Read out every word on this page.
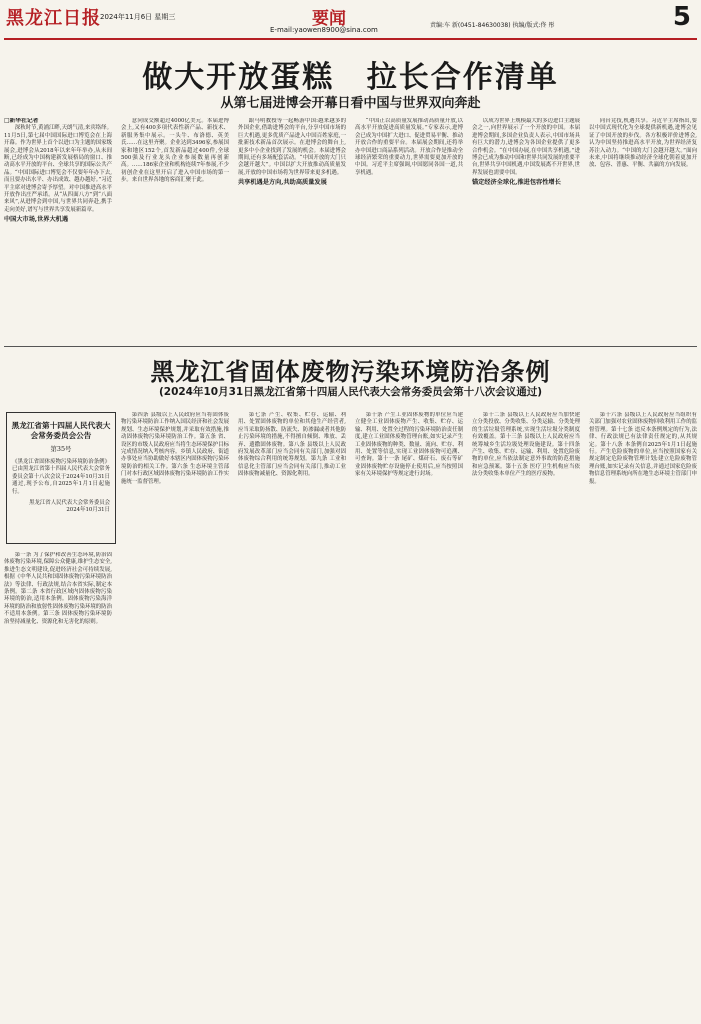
黑龙江日报 2024年11月6日 星期三	要闻
E-mail:yaowen8900@sina.com
责编:车 新(0451-84630038) 执编/版式:佟 彤	5
做大开放蛋糕 拉长合作清单
从第七届进博会开幕日看中国与世界双向奔赴
□新华社记者

深秋时节,黄浦江畔,天朗气清,来宾络绎。11月5日,第七届中国国际进口博览会在上海开幕。作为世界上首个以进口为主题的国家级展会,进博会从2018年以来年年举办,从未间断,已经成为中国构建新发展格局的窗口、推动高水平开放的平台、全球共享的国际公共产品。“中国国际进口博览会不仅要年年办下去,而且要办出水平、办出成效、越办越好。”习近平主席对进博会寄予厚望。对中国推进高水平开放作出庄严承诺。从“从四面八方”到“八面来风”,从进博会到中国,与世界共同奔赴,携手走向美好,谱写与世界共享发展新篇章。

中国大市场,世界大机遇

意向成交额超过4000亿美元。本届进博会上,又有400多项代表性新产品、新技术、新服务集中展示。一头牛、布洛德、英美氏……在这里齐聚。企业达到3496家,参展国家和地区152个,首发新品超过400件,全球500强及行业龙头企业参展数量再创新高。……186家企业和机构连续7年参展,不少初创企业在这里开启了进入中国市场的第一步。来自世界各地的客商汇聚于此。

跟马明教授等一起畅游中国:越来越多的外国企业,借助进博会的平台,分享中国市场的巨大机遇,更多优质产品进入中国百姓家庭,一批新技术新品首次展示。在进博会的舞台上,更多中小企业找到了发展的机会。本届进博会期间,还有多场配套活动。“中国开放的大门只会越开越大”。中国以扩大开放推动高质量发展,开放的中国市场将为世界带来更多机遇。

共享机遇是方向,共助高质量发展

“中国正以高质量发展推动高质量开放,以高水平开放促进高质量发展。”专家表示,进博会已成为中国扩大进口、促进贸易平衡、推动开放合作的重要平台。本届展会期间,还将举办中国进口商品系列活动。开放合作是推动全球经济繁荣的重要动力,世界需要更加开放的中国。习近平主席强调,中国愿同各国一道,共享机遇。

以成为世界上规模最大的多边进口主题展会之一,向世界展示了一个开放的中国。本届进博会期间,多国企业负责人表示,中国市场具有巨大的潜力,进博会为各国企业提供了更多合作机会。“在中国办展,在中国共享机遇。”进博会已成为推动中国和世界共同发展的重要平台,世界共享中国机遇,中国发展离不开世界,世界发展也需要中国。

锚定经济全球化,推进包容性增长

同台竞技,机遇共享。习近平主席指出,要以中国式现代化为全球提供新机遇,进博会见证了中国开放的步伐。各方积极评价进博会,认为中国坚持推进高水平开放,为世界经济复苏注入动力。“中国的大门会越开越大。”面向未来,中国将继续推动经济全球化朝着更加开放、包容、普惠、平衡、共赢的方向发展。

黑龙江省固体废物污染环境防治条例
(2024年10月31日黑龙江省第十四届人民代表大会常务委员会第十八次会议通过)

第一条 为了保护和改善生态环境,防治固体废物污染环境,保障公众健康,维护生态安全,推进生态文明建设,促进经济社会可持续发展,根据《中华人民共和国固体废物污染环境防治法》等法律、行政法规,结合本省实际,制定本条例。第二条 本省行政区域内固体废物污染环境的防治,适用本条例。固体废物污染海洋环境的防治和放射性固体废物污染环境的防治不适用本条例。第三条 固体废物污染环境防治坚持减量化、资源化和无害化的原则。

第四条 县级以上人民政府应当将固体废物污染环境防治工作纳入国民经济和社会发展规划、生态环境保护规划,并采取有效措施,推动固体废物污染环境防治工作。第五条 省、设区的市级人民政府应当将生态环境保护目标完成情况纳入考核内容。乡镇人民政府、街道办事处应当协助做好本辖区内固体废物污染环境防治的相关工作。第六条 生态环境主管部门对本行政区域固体废物污染环境防治工作实施统一监督管理。

第七条 产生、收集、贮存、运输、利用、处置固体废物的单位和其他生产经营者,应当采取防扬散、防流失、防渗漏或者其他防止污染环境的措施,不得擅自倾倒、堆放、丢弃、遗撒固体废物。第八条 县级以上人民政府发展改革部门应当会同有关部门,加强对固体废物综合利用的统筹规划。第九条 工业和信息化主管部门应当会同有关部门,推动工业固体废物减量化、资源化利用。

第十条 产生工业固体废物的单位应当建立健全工业固体废物产生、收集、贮存、运输、利用、处置全过程的污染环境防治责任制度,建立工业固体废物管理台账,如实记录产生工业固体废物的种类、数量、流向、贮存、利用、处置等信息,实现工业固体废物可追溯、可查询。第十一条 尾矿、煤矸石、废石等矿业固体废物贮存设施停止使用后,应当按照国家有关环境保护等规定进行封场。

第十二条 县级以上人民政府应当加快建立分类投放、分类收集、分类运输、分类处理的生活垃圾管理系统,实现生活垃圾分类制度有效覆盖。第十三条 县级以上人民政府应当统筹城乡生活垃圾处理设施建设。第十四条 产生、收集、贮存、运输、利用、处置危险废物的单位,应当依法制定意外事故的防范措施和应急预案。第十五条 医疗卫生机构应当依法分类收集本单位产生的医疗废物。

第十六条 县级以上人民政府应当组织有关部门加强对农业固体废物回收利用工作的监督管理。第十七条 违反本条例规定的行为,法律、行政法规已有法律责任规定的,从其规定。第十八条 本条例自2025年1月1日起施行。产生危险废物的单位,应当按照国家有关规定制定危险废物管理计划;建立危险废物管理台账,如实记录有关信息,并通过国家危险废物信息管理系统向所在地生态环境主管部门申报。

黑龙江省第十四届人民代表大会常务委员会公告
第35号
《黑龙江省固体废物污染环境防治条例》已由黑龙江省第十四届人民代表大会常务委员会第十八次会议于2024年10月31日通过,现予公布,自2025年1月1日起施行。
黑龙江省人民代表大会常务委员会
2024年10月31日
